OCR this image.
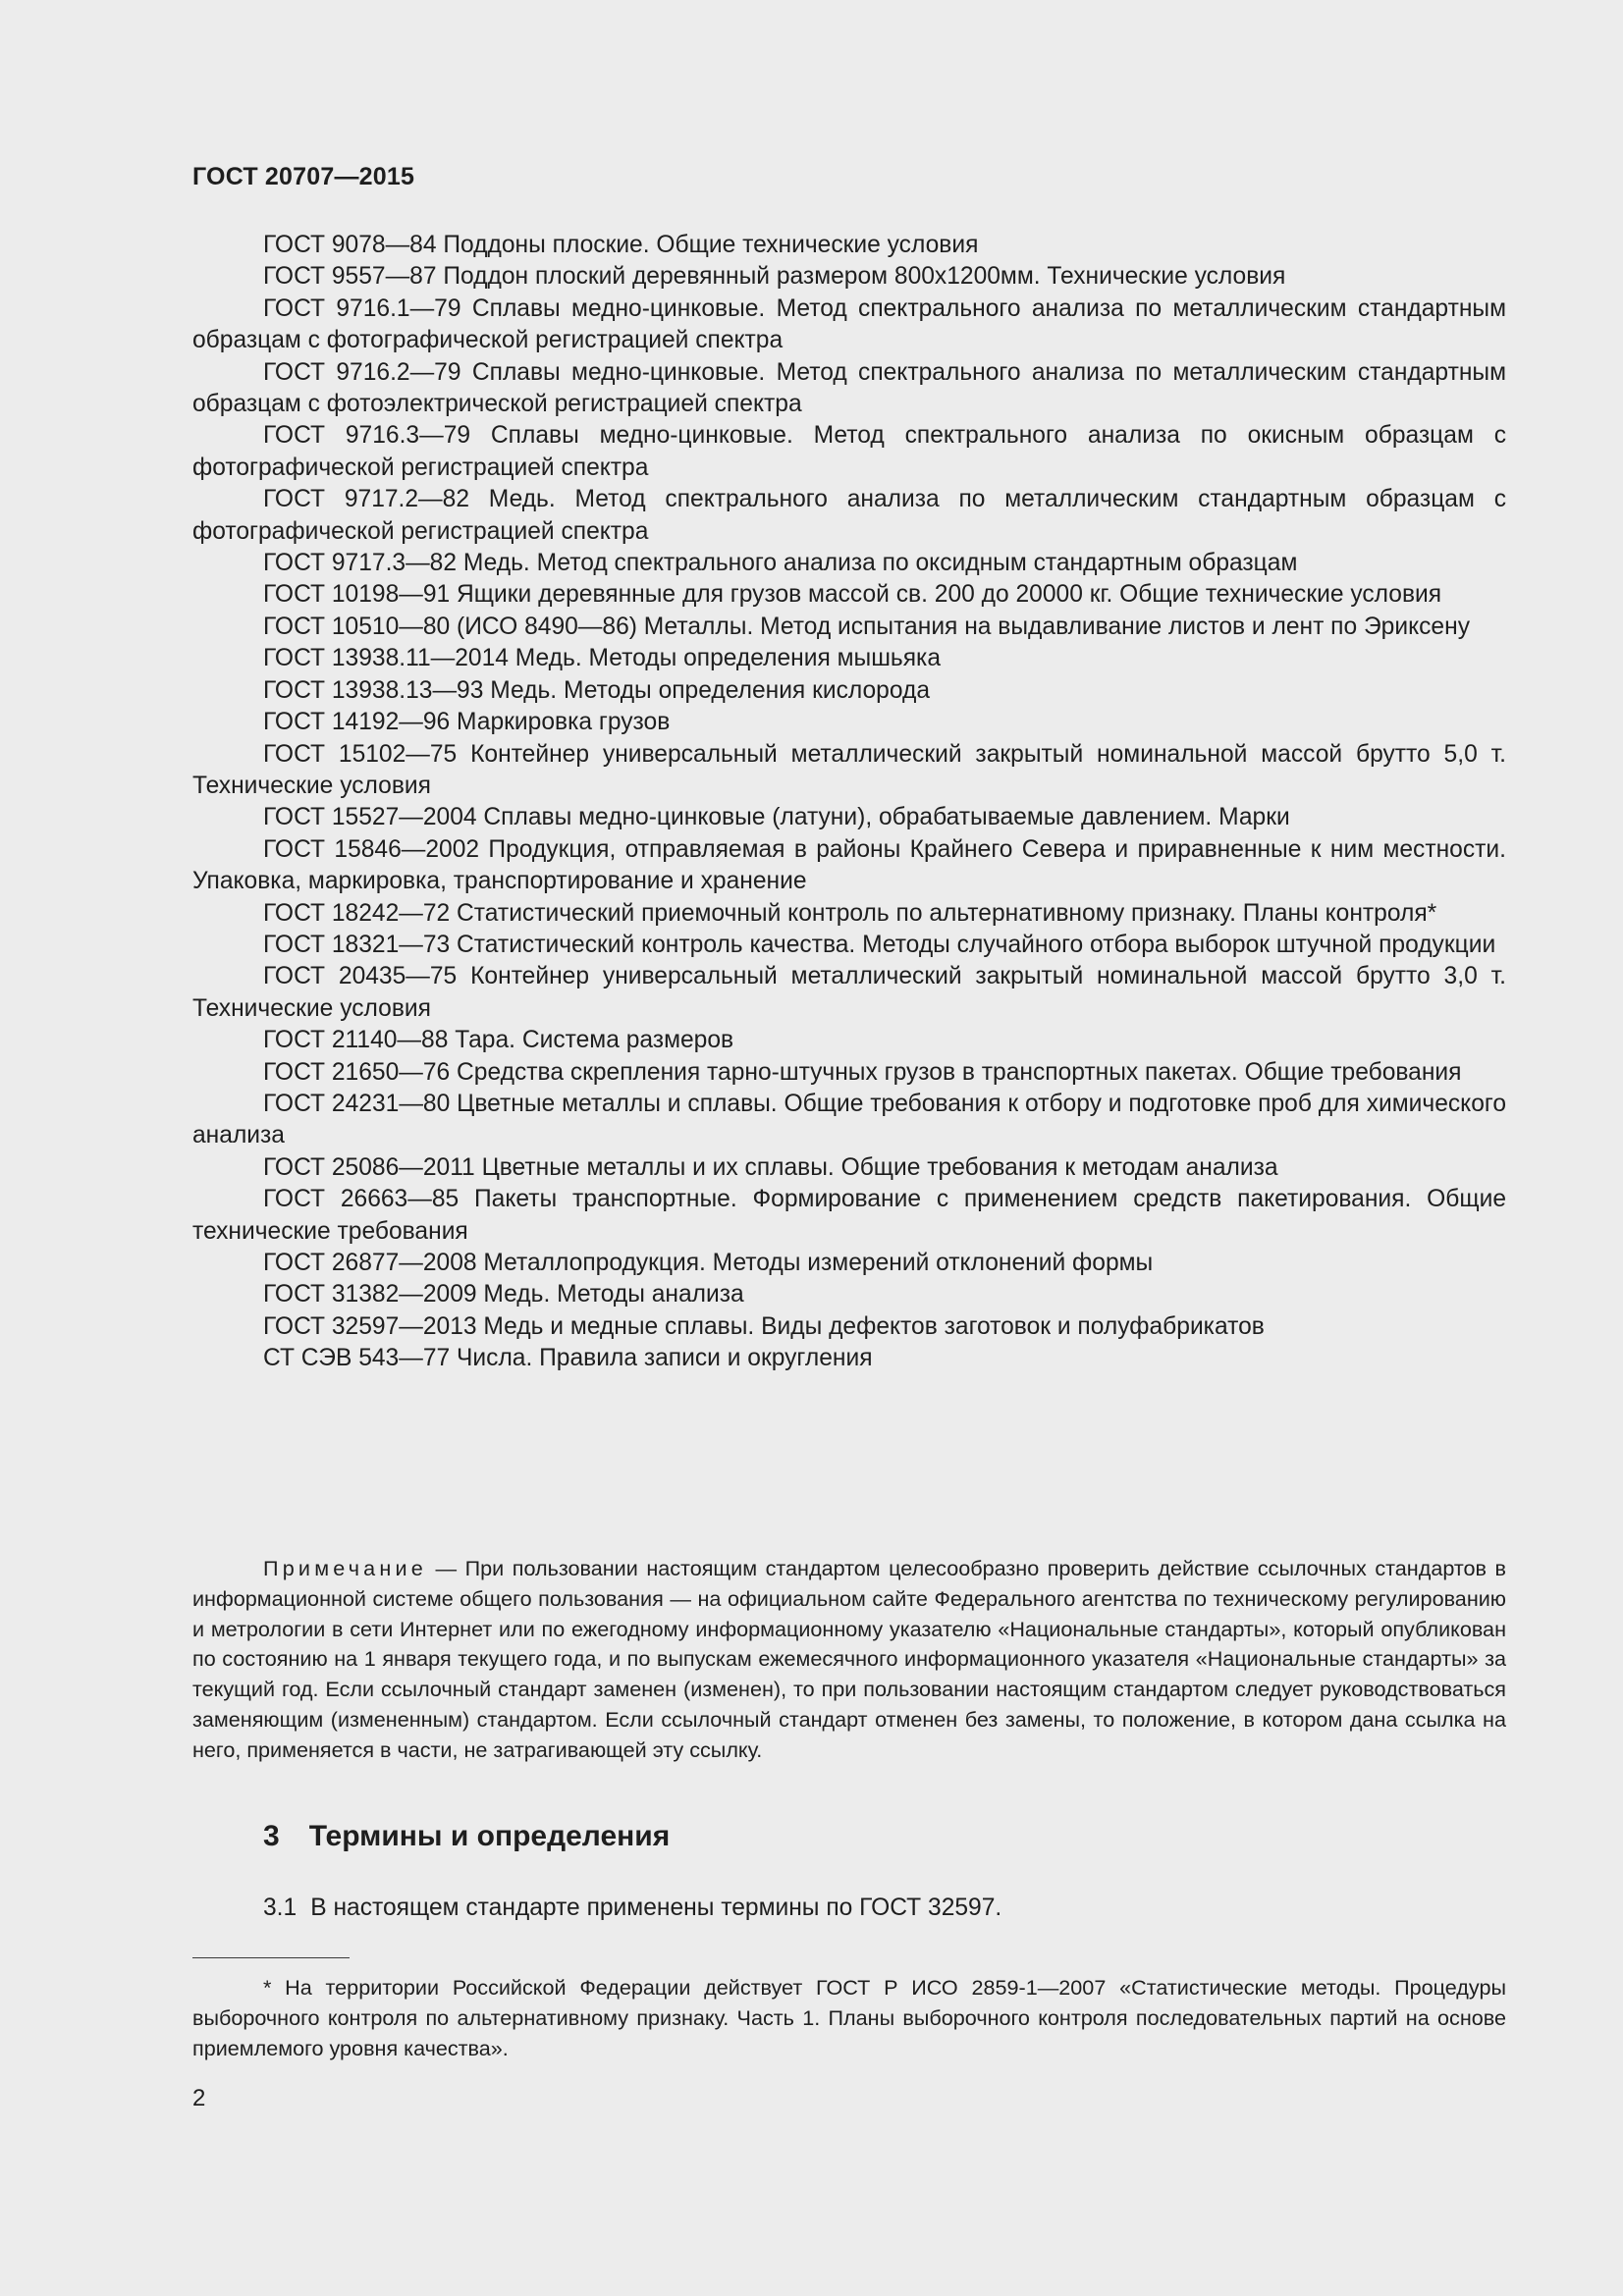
ГОСТ 20707—2015

ГОСТ 9078—84 Поддоны плоские. Общие технические условия

ГОСТ 9557—87 Поддон плоский деревянный размером 800х1200мм. Технические условия

ГОСТ 9716.1—79 Сплавы медно-цинковые. Метод спектрального анализа по металлическим стандартным образцам с фотографической регистрацией спектра

ГОСТ 9716.2—79 Сплавы медно-цинковые. Метод спектрального анализа по металлическим стандартным образцам с фотоэлектрической регистрацией спектра

ГОСТ 9716.3—79 Сплавы медно-цинковые. Метод спектрального анализа по окисным образцам с фотографической регистрацией спектра

ГОСТ 9717.2—82 Медь. Метод спектрального анализа по металлическим стандартным образцам с фотографической регистрацией спектра

ГОСТ 9717.3—82 Медь. Метод спектрального анализа по оксидным стандартным образцам

ГОСТ 10198—91 Ящики деревянные для грузов массой св. 200 до 20000 кг. Общие технические условия

ГОСТ 10510—80 (ИСО 8490—86) Металлы. Метод испытания на выдавливание листов и лент по Эриксену

ГОСТ 13938.11—2014 Медь. Методы определения мышьяка

ГОСТ 13938.13—93 Медь. Методы определения кислорода

ГОСТ 14192—96 Маркировка грузов

ГОСТ 15102—75 Контейнер универсальный металлический закрытый номинальной массой брутто 5,0 т. Технические условия

ГОСТ 15527—2004 Сплавы медно-цинковые (латуни), обрабатываемые давлением. Марки

ГОСТ 15846—2002 Продукция, отправляемая в районы Крайнего Севера и приравненные к ним местности. Упаковка, маркировка, транспортирование и хранение

ГОСТ 18242—72 Статистический приемочный контроль по альтернативному признаку. Планы контроля*

ГОСТ 18321—73 Статистический контроль качества. Методы случайного отбора выборок штучной продукции

ГОСТ 20435—75 Контейнер универсальный металлический закрытый номинальной массой брутто 3,0 т. Технические условия

ГОСТ 21140—88 Тара. Система размеров

ГОСТ 21650—76 Средства скрепления тарно-штучных грузов в транспортных пакетах. Общие требования

ГОСТ 24231—80 Цветные металлы и сплавы. Общие требования к отбору и подготовке проб для химического анализа

ГОСТ 25086—2011 Цветные металлы и их сплавы. Общие требования к методам анализа

ГОСТ 26663—85 Пакеты транспортные. Формирование с применением средств пакетирования. Общие технические требования

ГОСТ 26877—2008 Металлопродукция. Методы измерений отклонений формы

ГОСТ 31382—2009 Медь. Методы анализа

ГОСТ 32597—2013 Медь и медные сплавы. Виды дефектов заготовок и полуфабрикатов

СТ СЭВ 543—77 Числа. Правила записи и округления

Примечание — При пользовании настоящим стандартом целесообразно проверить действие ссылочных стандартов в информационной системе общего пользования — на официальном сайте Федерального агентства по техническому регулированию и метрологии в сети Интернет или по ежегодному информационному указателю «Национальные стандарты», который опубликован по состоянию на 1 января текущего года, и по выпускам ежемесячного информационного указателя «Национальные стандарты» за текущий год. Если ссылочный стандарт заменен (изменен), то при пользовании настоящим стандартом следует руководствоваться заменяющим (измененным) стандартом. Если ссылочный стандарт отменен без замены, то положение, в котором дана ссылка на него, применяется в части, не затрагивающей эту ссылку.

3 Термины и определения
3.1 В настоящем стандарте применены термины по ГОСТ 32597.

* На территории Российской Федерации действует ГОСТ Р ИСО 2859-1—2007 «Статистические методы. Процедуры выборочного контроля по альтернативному признаку. Часть 1. Планы выборочного контроля последовательных партий на основе приемлемого уровня качества».

2
